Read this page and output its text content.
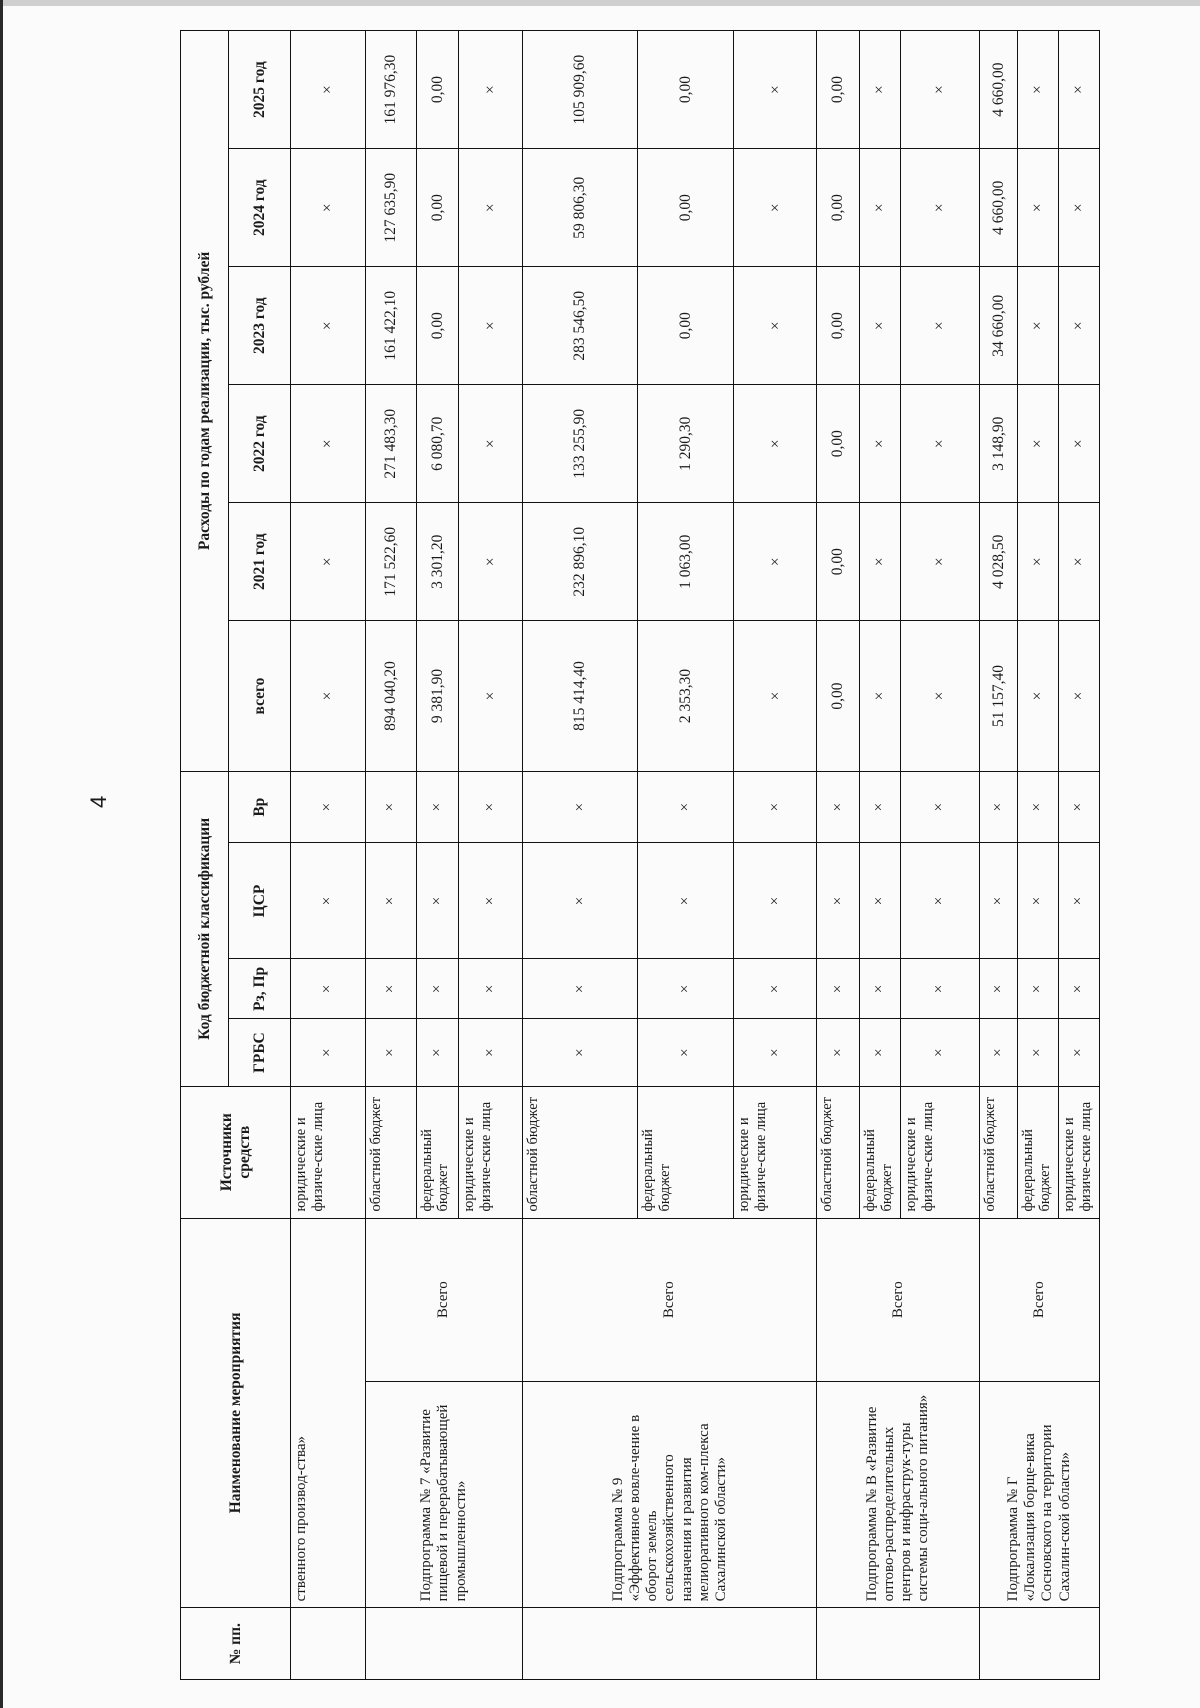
4
№ пп.	Наименование мероприятия		Источники средств	Код бюджетной классификации				Расходы по годам реализации, тыс. рублей					
				ГРБС	Рз, Пр	ЦСР	Вр	всего	2021 год	2022 год	2023 год	2024 год	2025 год
	ственного производ-ства»		юридические и физиче-ские лица	×	×	×	×	×	×	×	×	×	×
	Подпрограмма № 7 «Развитие пищевой и перерабатывающей промышленности»	Всего	областной бюджет	×	×	×	×	894 040,20	171 522,60	271 483,30	161 422,10	127 635,90	161 976,30
			федеральный бюджет	×	×	×	×	9 381,90	3 301,20	6 080,70	0,00	0,00	0,00
			юридические и физиче-ские лица	×	×	×	×	×	×	×	×	×	×
	Подпрограмма № 9 «Эффективное вовле-чение в оборот земель сельскохозяйственного назначения и развития мелиоративного ком-плекса Сахалинской области»	Всего	областной бюджет	×	×	×	×	815 414,40	232 896,10	133 255,90	283 546,50	59 806,30	105 909,60
			федеральный бюджет	×	×	×	×	2 353,30	1 063,00	1 290,30	0,00	0,00	0,00
			юридические и физиче-ские лица	×	×	×	×	×	×	×	×	×	×
	Подпрограмма № В «Развитие оптово-распределительных центров и инфраструк-туры системы соци-ального питания»	Всего	областной бюджет	×	×	×	×	0,00	0,00	0,00	0,00	0,00	0,00
			федеральный бюджет	×	×	×	×	×	×	×	×	×	×
			юридические и физиче-ские лица	×	×	×	×	×	×	×	×	×	×
	Подпрограмма № Г «Локализация борще-вика Сосновского на территории Сахалин-ской области»	Всего	областной бюджет	×	×	×	×	51 157,40	4 028,50	3 148,90	34 660,00	4 660,00	4 660,00
			федеральный бюджет	×	×	×	×	×	×	×	×	×	×
			юридические и физиче-ские лица	×	×	×	×	×	×	×	×	×	×
